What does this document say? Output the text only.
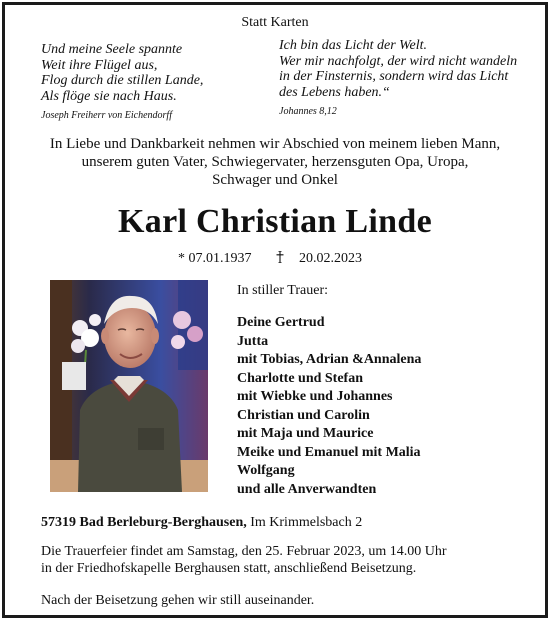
Statt Karten
Und meine Seele spannte
Weit ihre Flügel aus,
Flog durch die stillen Lande,
Als flöge sie nach Haus.
Joseph Freiherr von Eichendorff
Ich bin das Licht der Welt.
Wer mir nachfolgt, der wird nicht wandeln
in der Finsternis, sondern wird das Licht
des Lebens haben.“
Johannes 8,12
In Liebe und Dankbarkeit nehmen wir Abschied von meinem lieben Mann,
unserem guten Vater, Schwiegervater, herzensguten Opa, Uropa,
Schwager und Onkel
Karl Christian Linde
* 07.01.1937	20.02.2023
In stiller Trauer:
Deine Gertrud
Jutta
mit Tobias, Adrian &Annalena
Charlotte und Stefan
mit Wiebke und Johannes
Christian und Carolin
mit Maja und Maurice
Meike und Emanuel mit Malia
Wolfgang
und alle Anverwandten
57319 Bad Berleburg-Berghausen, Im Krimmelsbach 2
Die Trauerfeier findet am Samstag, den 25. Februar 2023, um 14.00 Uhr
in der Friedhofskapelle Berghausen statt, anschließend Beisetzung.
Nach der Beisetzung gehen wir still auseinander.
